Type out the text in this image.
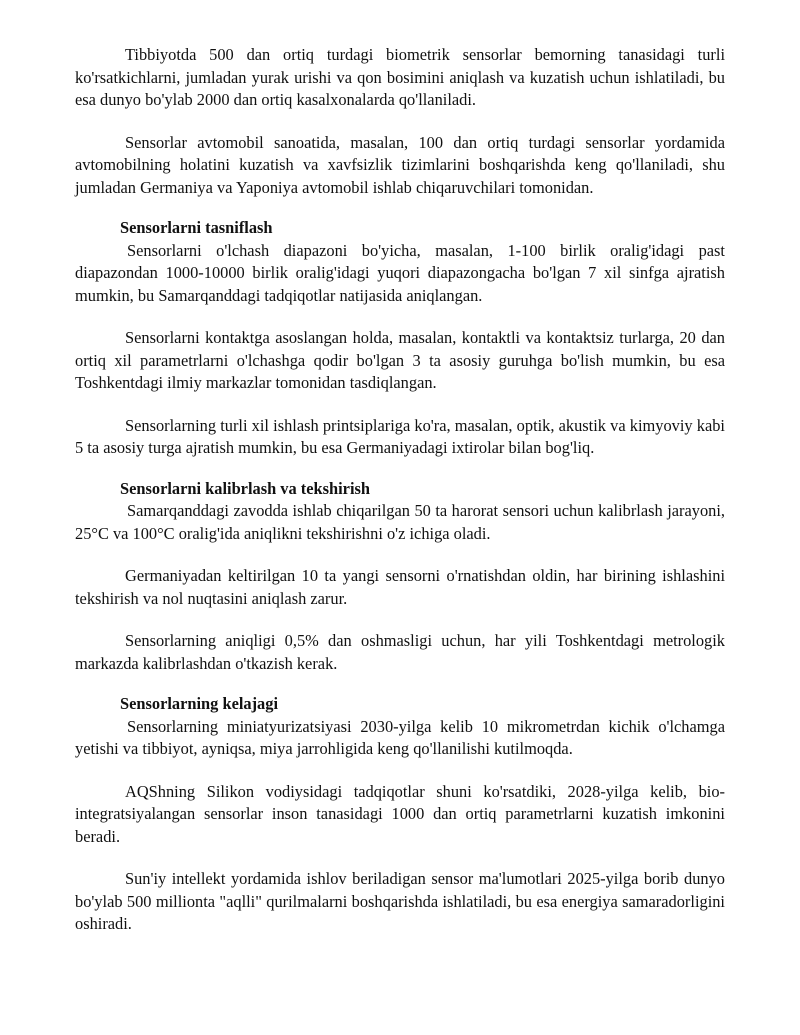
Tibbiyotda 500 dan ortiq turdagi biometrik sensorlar bemorning tanasidagi turli ko'rsatkichlarni, jumladan yurak urishi va qon bosimini aniqlash va kuzatish uchun ishlatiladi, bu esa dunyo bo'ylab 2000 dan ortiq kasalxonalarda qo'llaniladi.

Sensorlar avtomobil sanoatida, masalan, 100 dan ortiq turdagi sensorlar yordamida avtomobilning holatini kuzatish va xavfsizlik tizimlarini boshqarishda keng qo'llaniladi, shu jumladan Germaniya va Yaponiya avtomobil ishlab chiqaruvchilari tomonidan.

Sensorlarni tasniflash

Sensorlarni o'lchash diapazoni bo'yicha, masalan, 1-100 birlik oralig'idagi past diapazondan 1000-10000 birlik oralig'idagi yuqori diapazongacha bo'lgan 7 xil sinfga ajratish mumkin, bu Samarqanddagi tadqiqotlar natijasida aniqlangan.

Sensorlarni kontaktga asoslangan holda, masalan, kontaktli va kontaktsiz turlarga, 20 dan ortiq xil parametrlarni o'lchashga qodir bo'lgan 3 ta asosiy guruhga bo'lish mumkin, bu esa Toshkentdagi ilmiy markazlar tomonidan tasdiqlangan.

Sensorlarning turli xil ishlash printsiplariga ko'ra, masalan, optik, akustik va kimyoviy kabi 5 ta asosiy turga ajratish mumkin, bu esa Germaniyadagi ixtirolar bilan bog'liq.

Sensorlarni kalibrlash va tekshirish

Samarqanddagi zavodda ishlab chiqarilgan 50 ta harorat sensori uchun kalibrlash jarayoni, 25°C va 100°C oralig'ida aniqlikni tekshirishni o'z ichiga oladi.

Germaniyadan keltirilgan 10 ta yangi sensorni o'rnatishdan oldin, har birining ishlashini tekshirish va nol nuqtasini aniqlash zarur.

Sensorlarning aniqligi 0,5% dan oshmasligi uchun, har yili Toshkentdagi metrologik markazda kalibrlashdan o'tkazish kerak.

Sensorlarning kelajagi

Sensorlarning miniatyurizatsiyasi 2030-yilga kelib 10 mikrometrdan kichik o'lchamga yetishi va tibbiyot, ayniqsa, miya jarrohligida keng qo'llanilishi kutilmoqda.

AQShning Silikon vodiysidagi tadqiqotlar shuni ko'rsatdiki, 2028-yilga kelib, bio-integratsiyalangan sensorlar inson tanasidagi 1000 dan ortiq parametrlarni kuzatish imkonini beradi.

Sun'iy intellekt yordamida ishlov beriladigan sensor ma'lumotlari 2025-yilga borib dunyo bo'ylab 500 millionta "aqlli" qurilmalarni boshqarishda ishlatiladi, bu esa energiya samaradorligini oshiradi.
